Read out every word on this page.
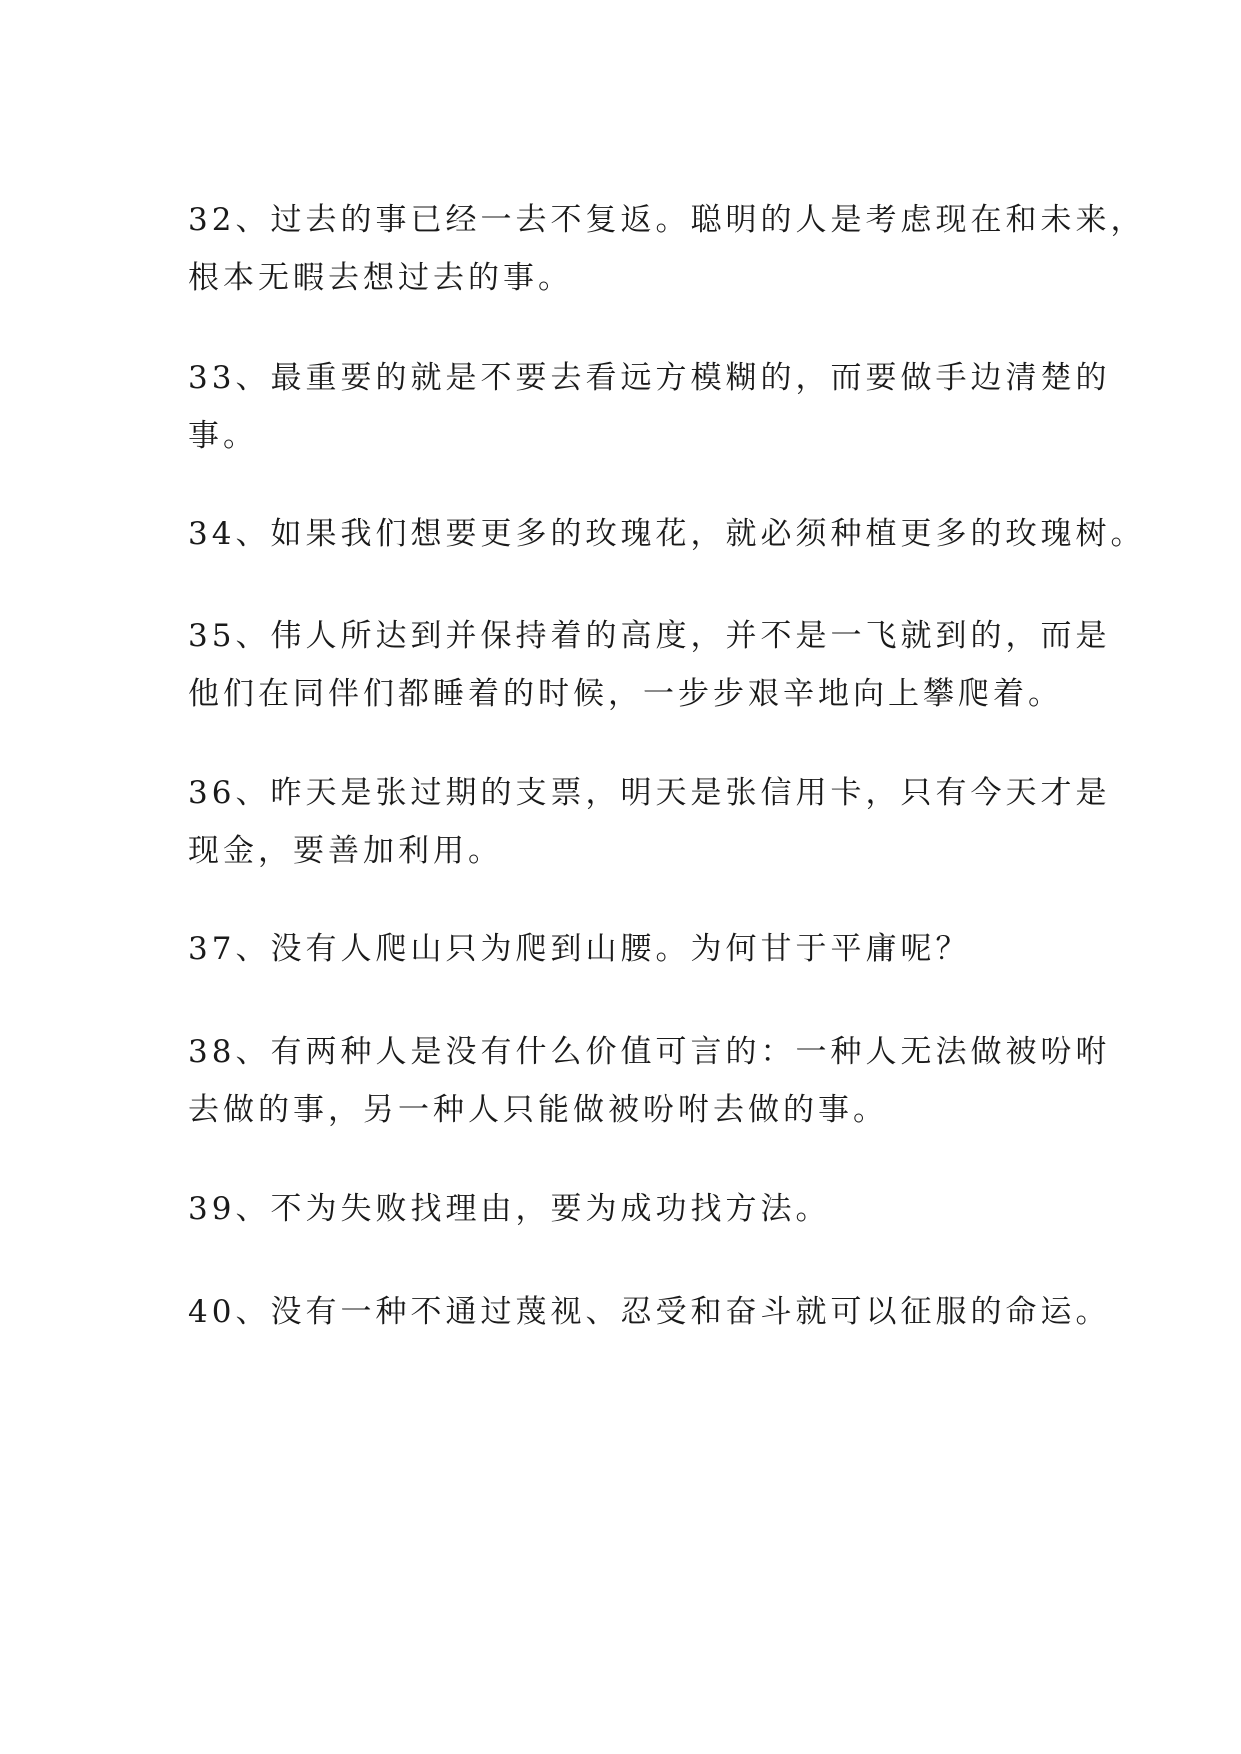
32、过去的事已经一去不复返。聪明的人是考虑现在和未来，
根本无暇去想过去的事。
33、最重要的就是不要去看远方模糊的，而要做手边清楚的
事。
34、如果我们想要更多的玫瑰花，就必须种植更多的玫瑰树。
35、伟人所达到并保持着的高度，并不是一飞就到的，而是
他们在同伴们都睡着的时候，一步步艰辛地向上攀爬着。
36、昨天是张过期的支票，明天是张信用卡，只有今天才是
现金，要善加利用。
37、没有人爬山只为爬到山腰。为何甘于平庸呢？
38、有两种人是没有什么价值可言的：一种人无法做被吩咐
去做的事，另一种人只能做被吩咐去做的事。
39、不为失败找理由，要为成功找方法。
40、没有一种不通过蔑视、忍受和奋斗就可以征服的命运。
